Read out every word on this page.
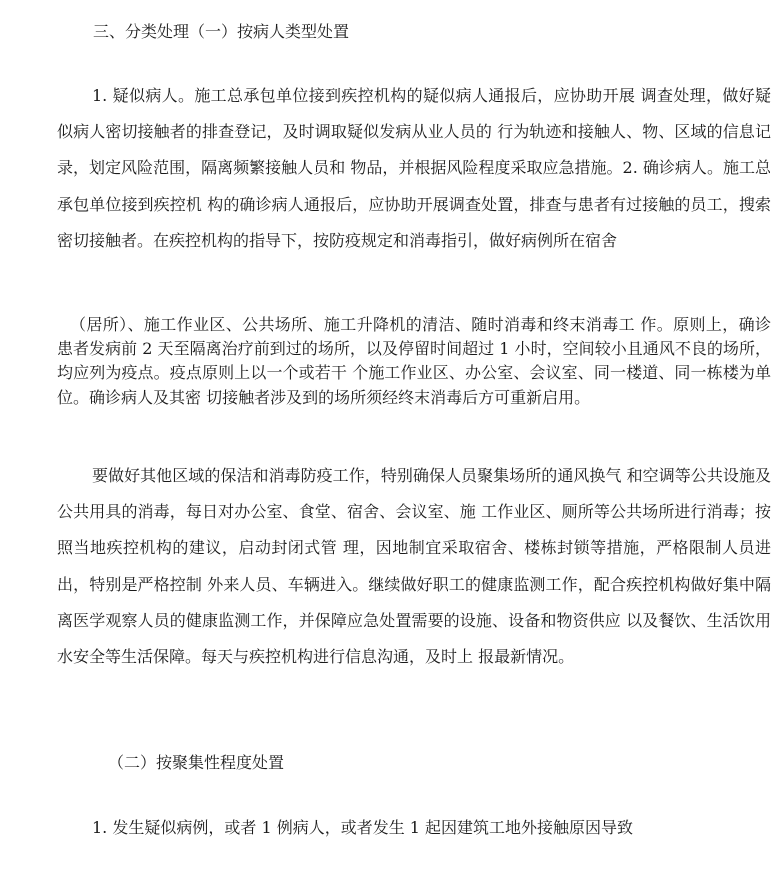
三、分类处理（一）按病人类型处置
1. 疑似病人。施工总承包单位接到疾控机构的疑似病人通报后，应协助开展 调查处理，做好疑似病人密切接触者的排查登记，及时调取疑似发病从业人员的 行为轨迹和接触人、物、区域的信息记录，划定风险范围，隔离频繁接触人员和 物品，并根据风险程度采取应急措施。2. 确诊病人。施工总承包单位接到疾控机 构的确诊病人通报后，应协助开展调查处置，排查与患者有过接触的员工，搜索 密切接触者。在疾控机构的指导下，按防疫规定和消毒指引，做好病例所在宿舍
（居所）、施工作业区、公共场所、施工升降机的清洁、随时消毒和终末消毒工 作。原则上，确诊患者发病前 2 天至隔离治疗前到过的场所，以及停留时间超过 1 小时，空间较小且通风不良的场所，均应列为疫点。疫点原则上以一个或若干 个施工作业区、办公室、会议室、同一楼道、同一栋楼为单位。确诊病人及其密 切接触者涉及到的场所须经终末消毒后方可重新启用。
要做好其他区域的保洁和消毒防疫工作，特别确保人员聚集场所的通风换气 和空调等公共设施及公共用具的消毒，每日对办公室、食堂、宿舍、会议室、施 工作业区、厕所等公共场所进行消毒；按照当地疾控机构的建议，启动封闭式管 理，因地制宜采取宿舍、楼栋封锁等措施，严格限制人员进出，特别是严格控制 外来人员、车辆进入。继续做好职工的健康监测工作，配合疾控机构做好集中隔 离医学观察人员的健康监测工作，并保障应急处置需要的设施、设备和物资供应 以及餐饮、生活饮用水安全等生活保障。每天与疾控机构进行信息沟通，及时上 报最新情况。
（二）按聚集性程度处置
1. 发生疑似病例，或者 1 例病人，或者发生 1 起因建筑工地外接触原因导致
